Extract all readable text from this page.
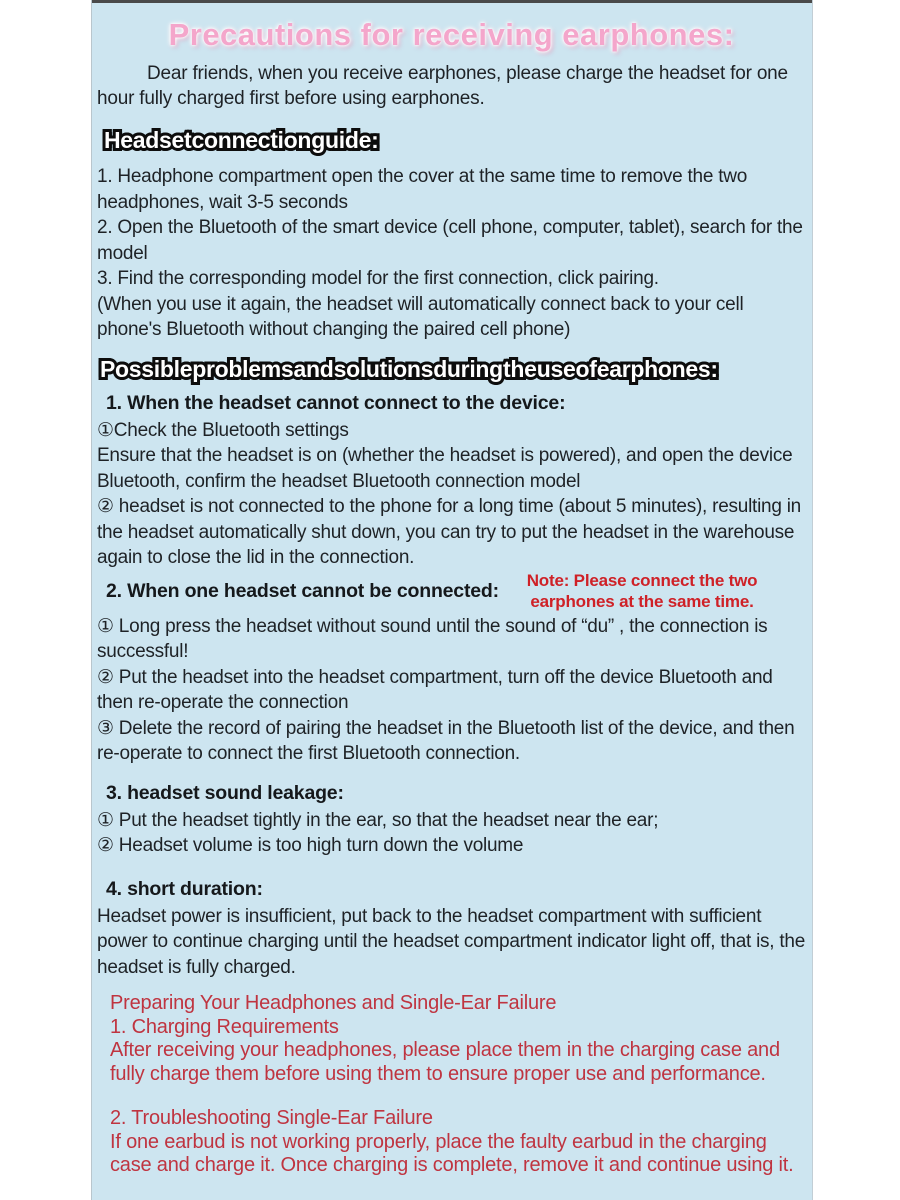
Precautions for receiving earphones:

Dear friends, when you receive earphones, please charge the headset for one hour fully charged first before using earphones.

Headset connection guide:

1. Headphone compartment open the cover at the same time to remove the two headphones, wait 3-5 seconds

2. Open the Bluetooth of the smart device (cell phone, computer, tablet), search for the model

3. Find the corresponding model for the first connection, click pairing.

(When you use it again, the headset will automatically connect back to your cell phone's Bluetooth without changing the paired cell phone)

Possible problems and solutions during the use of earphones:

1. When the headset cannot connect to the device:

①Check the Bluetooth settings

Ensure that the headset is on (whether the headset is powered), and open the device Bluetooth, confirm the headset Bluetooth connection model

② headset is not connected to the phone for a long time (about 5 minutes), resulting in the headset automatically shut down, you can try to put the headset in the warehouse again to close the lid in the connection.

2. When one headset cannot be connected:	Note: Please connect the two earphones at the same time.

① Long press the headset without sound until the sound of “du” , the connection is successful!

② Put the headset into the headset compartment, turn off the device Bluetooth and then re-operate the connection

③ Delete the record of pairing the headset in the Bluetooth list of the device, and then re-operate to connect the first Bluetooth connection.

3. headset sound leakage:

① Put the headset tightly in the ear, so that the headset near the ear;

② Headset volume is too high turn down the volume

4. short duration:

Headset power is insufficient, put back to the headset compartment with sufficient power to continue charging until the headset compartment indicator light off, that is, the headset is fully charged.

Preparing Your Headphones and Single-Ear Failure

1. Charging Requirements

After receiving your headphones, please place them in the charging case and fully charge them before using them to ensure proper use and performance.

2. Troubleshooting Single-Ear Failure

If one earbud is not working properly, place the faulty earbud in the charging case and charge it. Once charging is complete, remove it and continue using it.
